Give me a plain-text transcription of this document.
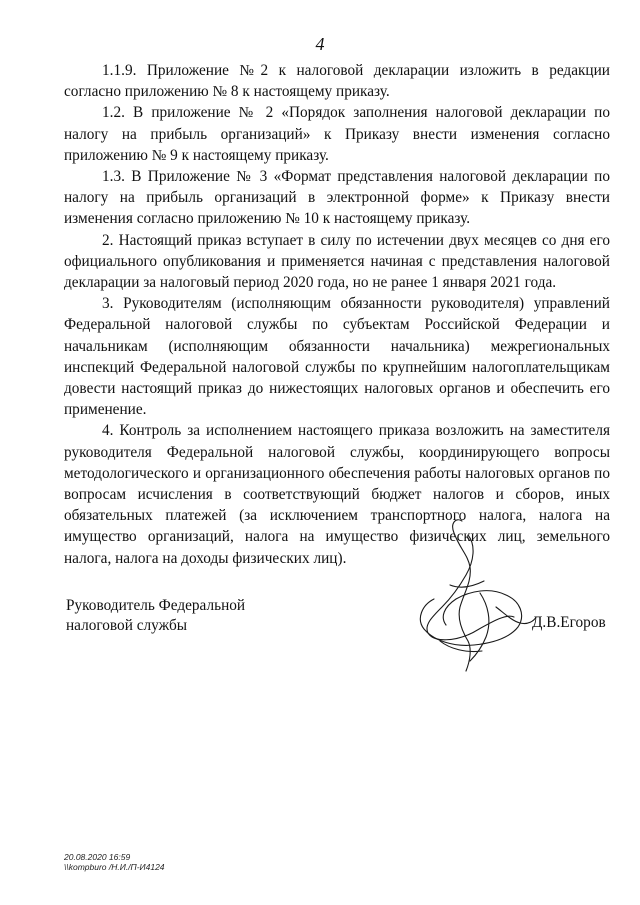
4

1.1.9. Приложение №2 к налоговой декларации изложить в редакции согласно приложению № 8 к настоящему приказу.

1.2. В приложение № 2 «Порядок заполнения налоговой декларации по налогу на прибыль организаций» к Приказу внести изменения согласно приложению № 9 к настоящему приказу.

1.3. В Приложение № 3 «Формат представления налоговой декларации по налогу на прибыль организаций в электронной форме» к Приказу внести изменения согласно приложению № 10 к настоящему приказу.

2. Настоящий приказ вступает в силу по истечении двух месяцев со дня его официального опубликования и применяется начиная с представления налоговой декларации за налоговый период 2020 года, но не ранее 1 января 2021 года.

3. Руководителям (исполняющим обязанности руководителя) управлений Федеральной налоговой службы по субъектам Российской Федерации и начальникам (исполняющим обязанности начальника) межрегиональных инспекций Федеральной налоговой службы по крупнейшим налогоплательщикам довести настоящий приказ до нижестоящих налоговых органов и обеспечить его применение.

4. Контроль за исполнением настоящего приказа возложить на заместителя руководителя Федеральной налоговой службы, координирующего вопросы методологического и организационного обеспечения работы налоговых органов по вопросам исчисления в соответствующий бюджет налогов и сборов, иных обязательных платежей (за исключением транспортного налога, налога на имущество организаций, налога на имущество физических лиц, земельного налога, налога на доходы физических лиц).

Руководитель Федеральной
налоговой службы	Д.В.Егоров
20.08.2020 16:59
\\kompburo /Н.И./П-И4124
